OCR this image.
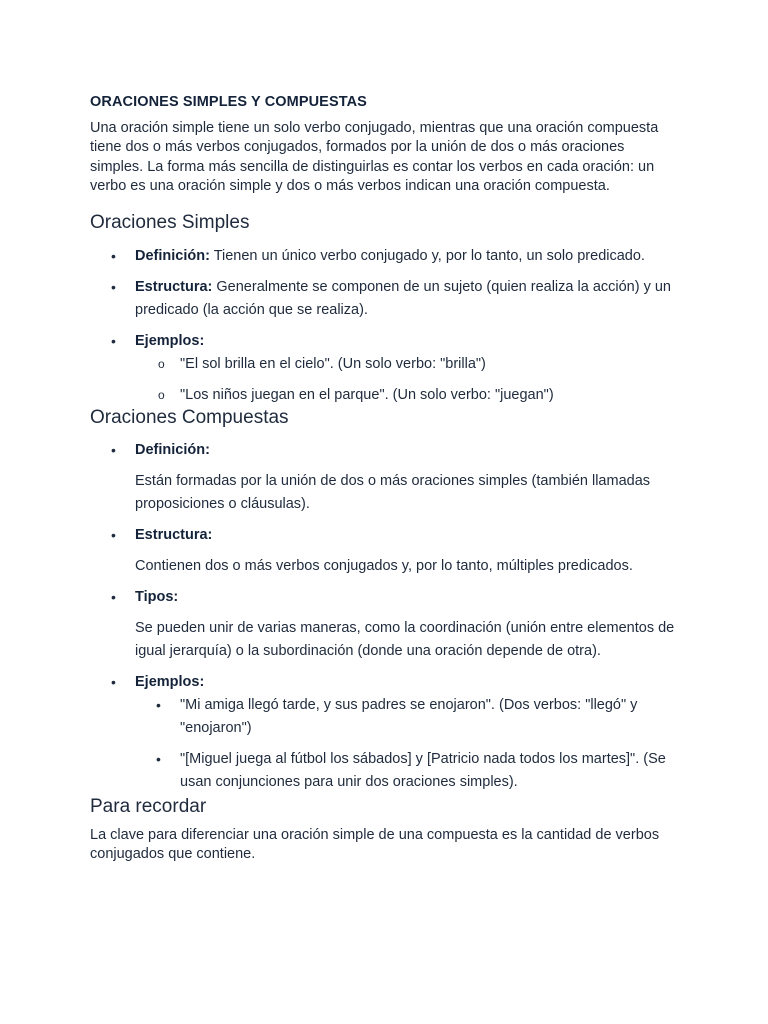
ORACIONES SIMPLES Y COMPUESTAS

Una oración simple tiene un solo verbo conjugado, mientras que una oración compuesta tiene dos o más verbos conjugados, formados por la unión de dos o más oraciones simples. La forma más sencilla de distinguirlas es contar los verbos en cada oración: un verbo es una oración simple y dos o más verbos indican una oración compuesta.

Oraciones Simples
• Definición: Tienen un único verbo conjugado y, por lo tanto, un solo predicado.
• Estructura: Generalmente se componen de un sujeto (quien realiza la acción) y un predicado (la acción que se realiza).
• Ejemplos:
o "El sol brilla en el cielo". (Un solo verbo: "brilla")
o "Los niños juegan en el parque". (Un solo verbo: "juegan")
Oraciones Compuestas
• Definición:

Están formadas por la unión de dos o más oraciones simples (también llamadas proposiciones o cláusulas).

• Estructura:

Contienen dos o más verbos conjugados y, por lo tanto, múltiples predicados.

• Tipos:

Se pueden unir de varias maneras, como la coordinación (unión entre elementos de igual jerarquía) o la subordinación (donde una oración depende de otra).

• Ejemplos:
• "Mi amiga llegó tarde, y sus padres se enojaron". (Dos verbos: "llegó" y "enojaron")
• "[Miguel juega al fútbol los sábados] y [Patricio nada todos los martes]". (Se usan conjunciones para unir dos oraciones simples).
Para recordar

La clave para diferenciar una oración simple de una compuesta es la cantidad de verbos conjugados que contiene.
